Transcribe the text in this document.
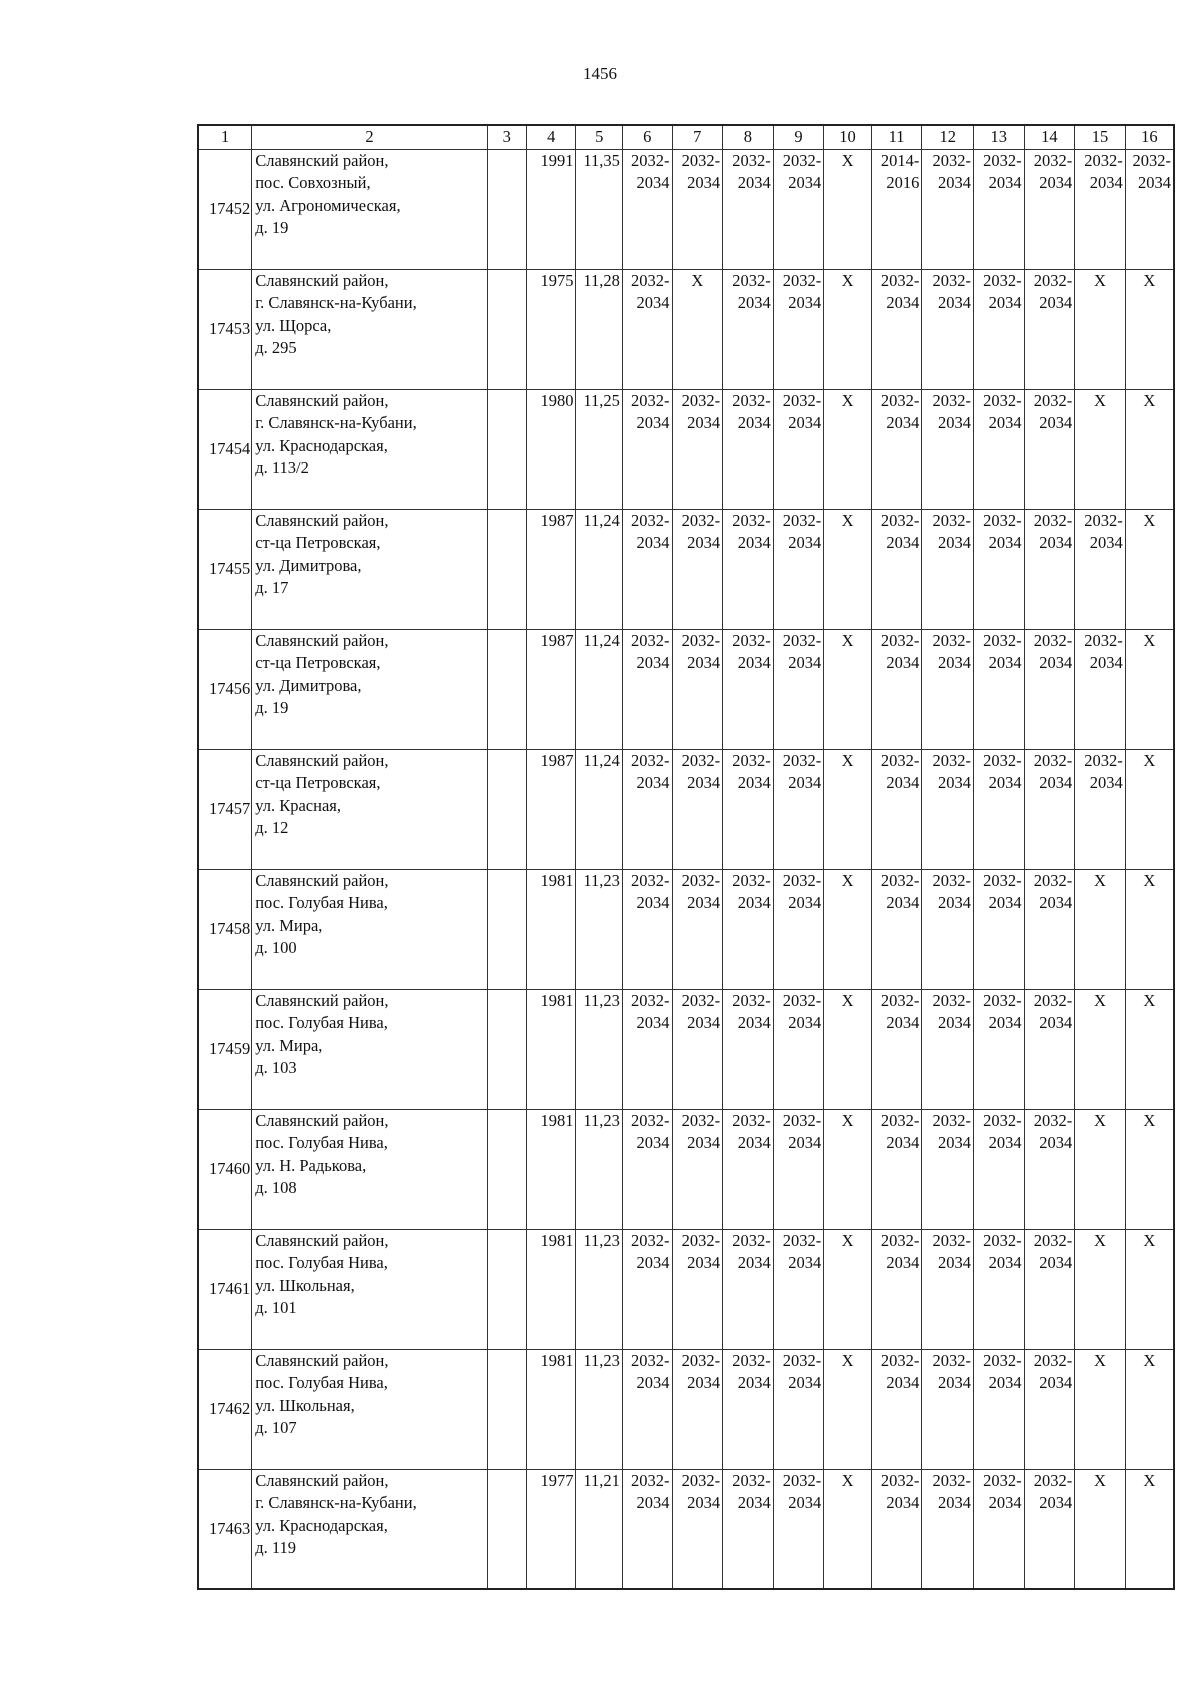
1456
1	2	3	4	5	6	7	8	9	10	11	12	13	14	15	16
17452	Славянский район,
пос. Совхозный,
ул. Агрономическая,
д. 19		1991	11,35	2032-
2034	2032-
2034	2032-
2034	2032-
2034	X	2014-
2016	2032-
2034	2032-
2034	2032-
2034	2032-
2034	2032-
2034

17453	Славянский район,
г. Славянск-на-Кубани,
ул. Щорса,
д. 295		1975	11,28	2032-
2034	X	2032-
2034	2032-
2034	X	2032-
2034	2032-
2034	2032-
2034	2032-
2034	X	X

17454	Славянский район,
г. Славянск-на-Кубани,
ул. Краснодарская,
д. 113/2		1980	11,25	2032-
2034	2032-
2034	2032-
2034	2032-
2034	X	2032-
2034	2032-
2034	2032-
2034	2032-
2034	X	X

17455	Славянский район,
ст-ца Петровская,
ул. Димитрова,
д. 17		1987	11,24	2032-
2034	2032-
2034	2032-
2034	2032-
2034	X	2032-
2034	2032-
2034	2032-
2034	2032-
2034	2032-
2034	X

17456	Славянский район,
ст-ца Петровская,
ул. Димитрова,
д. 19		1987	11,24	2032-
2034	2032-
2034	2032-
2034	2032-
2034	X	2032-
2034	2032-
2034	2032-
2034	2032-
2034	2032-
2034	X

17457	Славянский район,
ст-ца Петровская,
ул. Красная,
д. 12		1987	11,24	2032-
2034	2032-
2034	2032-
2034	2032-
2034	X	2032-
2034	2032-
2034	2032-
2034	2032-
2034	2032-
2034	X

17458	Славянский район,
пос. Голубая Нива,
ул. Мира,
д. 100		1981	11,23	2032-
2034	2032-
2034	2032-
2034	2032-
2034	X	2032-
2034	2032-
2034	2032-
2034	2032-
2034	X	X

17459	Славянский район,
пос. Голубая Нива,
ул. Мира,
д. 103		1981	11,23	2032-
2034	2032-
2034	2032-
2034	2032-
2034	X	2032-
2034	2032-
2034	2032-
2034	2032-
2034	X	X

17460	Славянский район,
пос. Голубая Нива,
ул. Н. Радькова,
д. 108		1981	11,23	2032-
2034	2032-
2034	2032-
2034	2032-
2034	X	2032-
2034	2032-
2034	2032-
2034	2032-
2034	X	X

17461	Славянский район,
пос. Голубая Нива,
ул. Школьная,
д. 101		1981	11,23	2032-
2034	2032-
2034	2032-
2034	2032-
2034	X	2032-
2034	2032-
2034	2032-
2034	2032-
2034	X	X

17462	Славянский район,
пос. Голубая Нива,
ул. Школьная,
д. 107		1981	11,23	2032-
2034	2032-
2034	2032-
2034	2032-
2034	X	2032-
2034	2032-
2034	2032-
2034	2032-
2034	X	X

17463	Славянский район,
г. Славянск-на-Кубани,
ул. Краснодарская,
д. 119		1977	11,21	2032-
2034	2032-
2034	2032-
2034	2032-
2034	X	2032-
2034	2032-
2034	2032-
2034	2032-
2034	X	X
